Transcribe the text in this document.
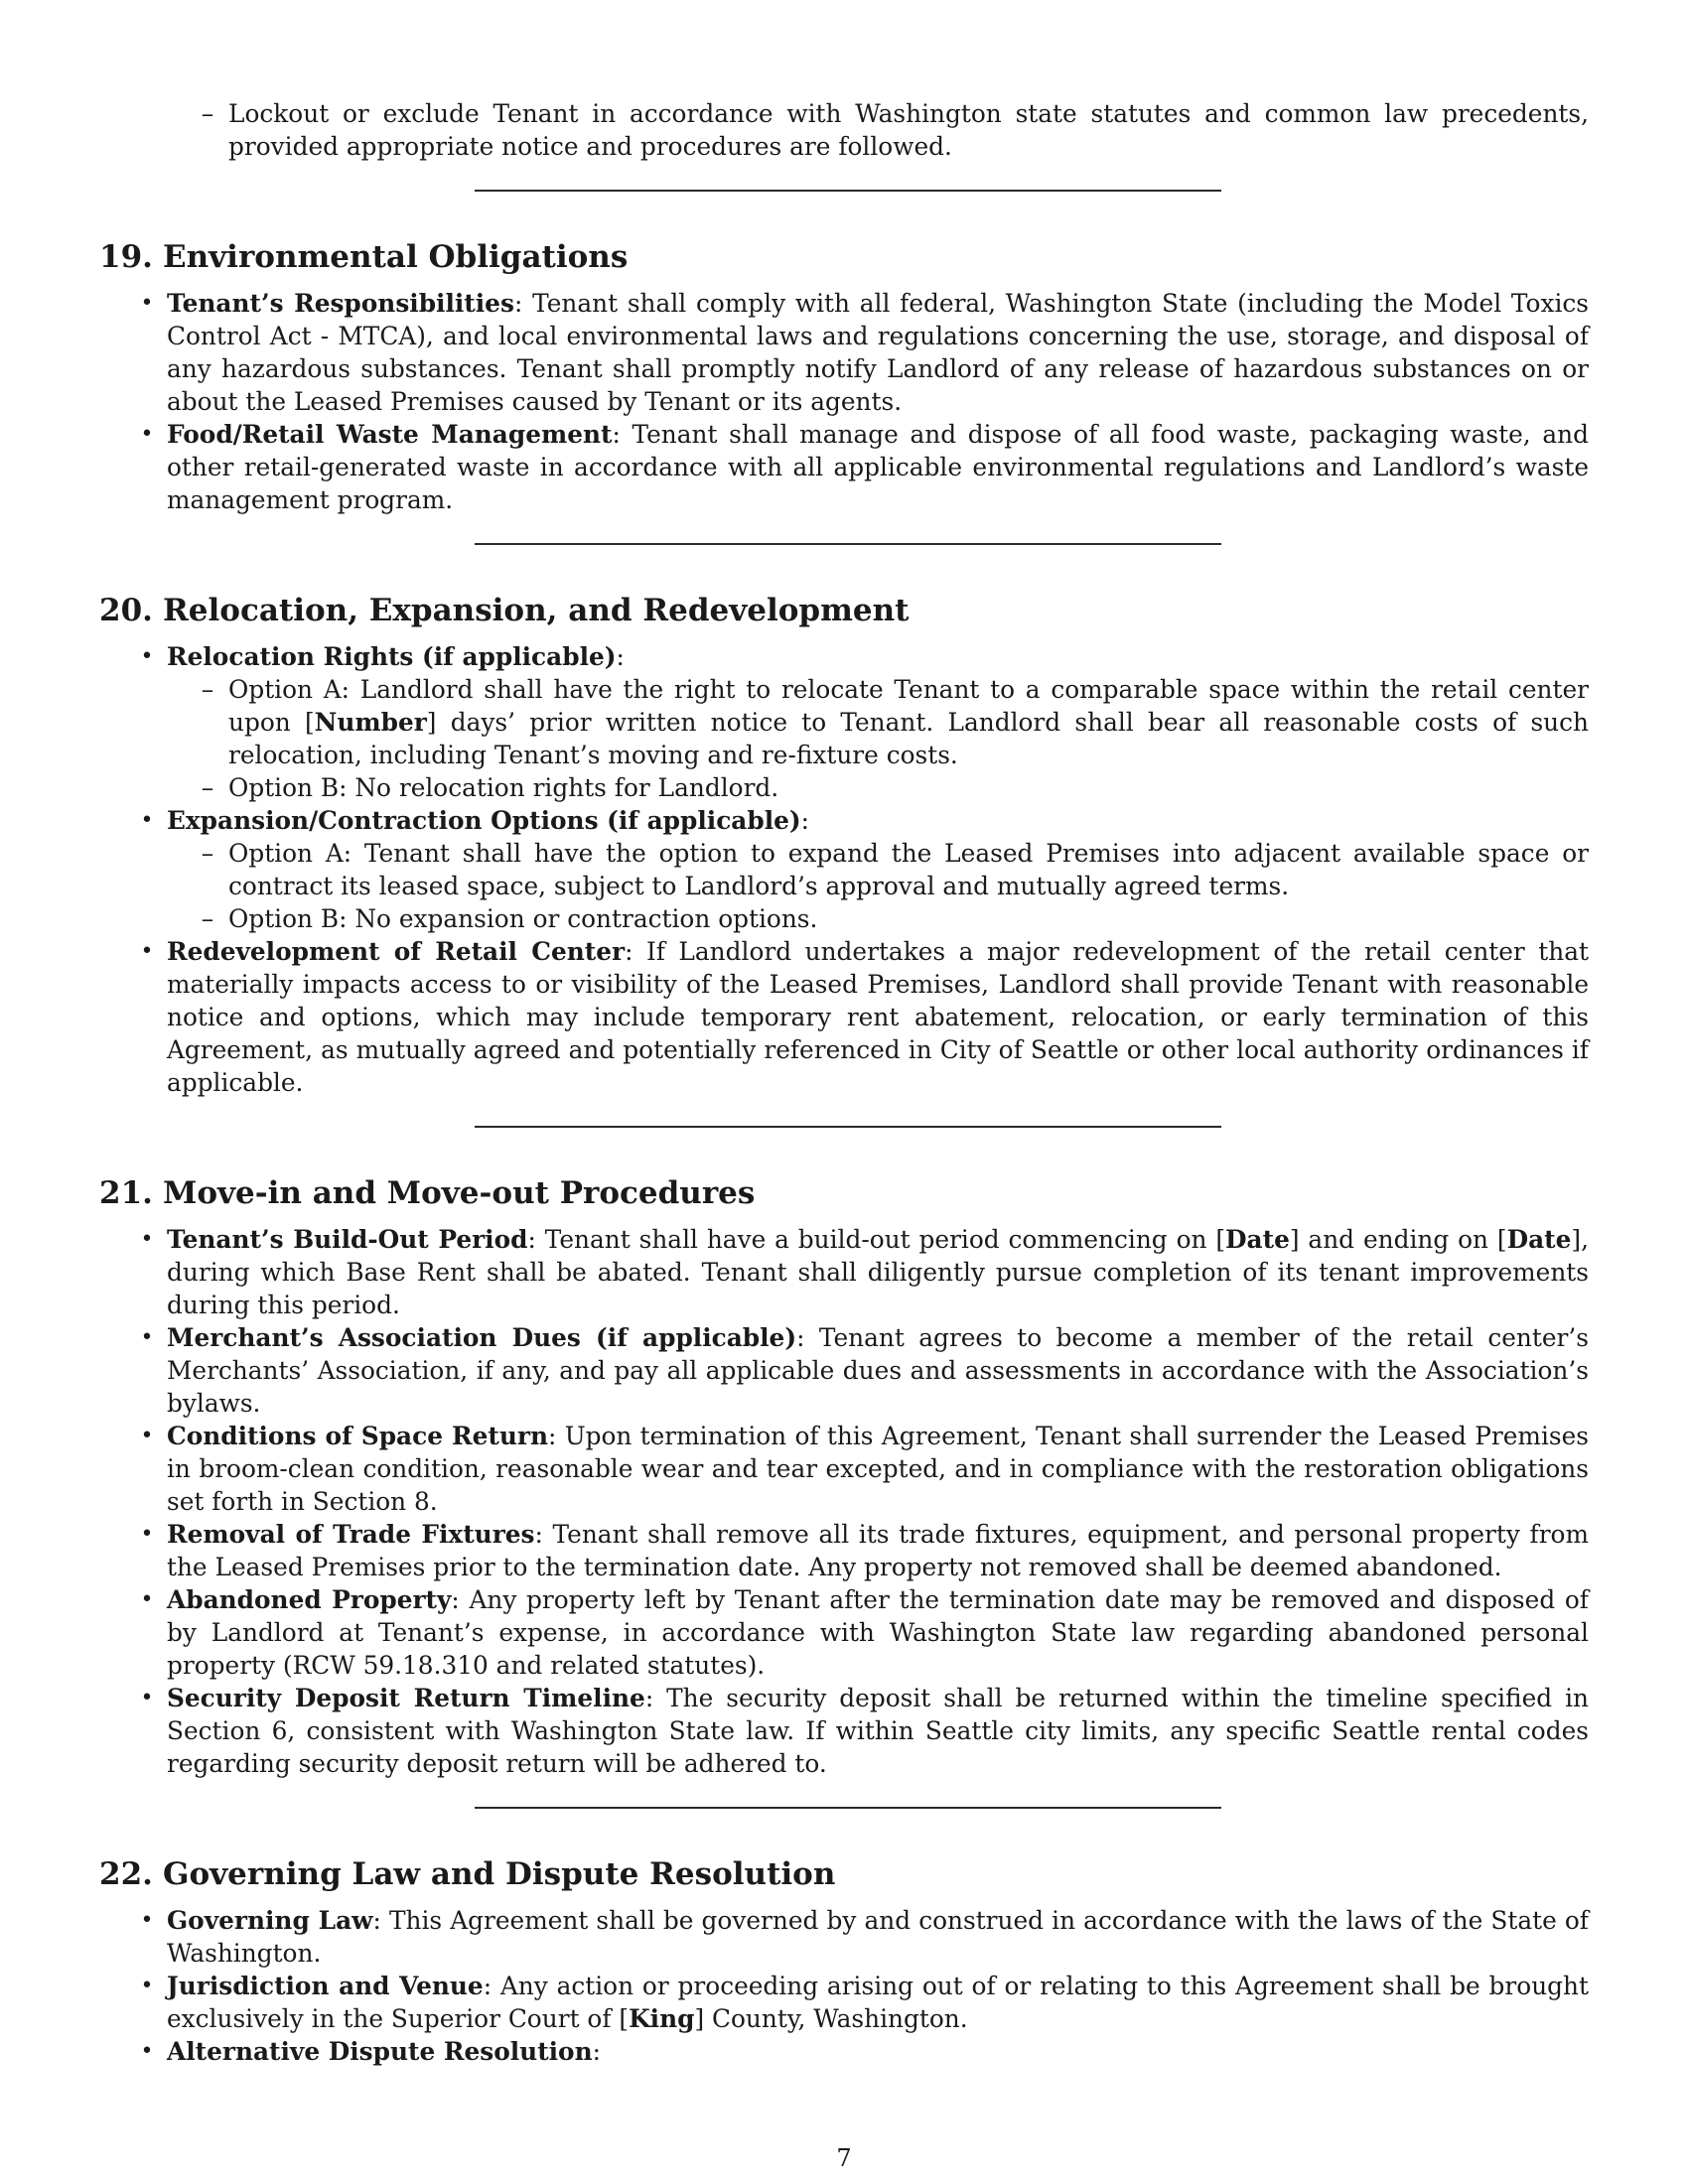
– Lockout or exclude Tenant in accordance with Washington state statutes and common law precedents, provided appropriate notice and procedures are followed.
19. Environmental Obligations
• Tenant’s Responsibilities: Tenant shall comply with all federal, Washington State (including the Model Toxics Control Act - MTCA), and local environmental laws and regulations concerning the use, storage, and disposal of any hazardous substances. Tenant shall promptly notify Landlord of any release of hazardous substances on or about the Leased Premises caused by Tenant or its agents.
• Food/Retail Waste Management: Tenant shall manage and dispose of all food waste, packaging waste, and other retail-generated waste in accordance with all applicable environmental regulations and Landlord’s waste management program.
20. Relocation, Expansion, and Redevelopment
• Relocation Rights (if applicable):
– Option A: Landlord shall have the right to relocate Tenant to a comparable space within the retail center upon [Number] days’ prior written notice to Tenant. Landlord shall bear all reasonable costs of such relocation, including Tenant’s moving and re-fixture costs.
– Option B: No relocation rights for Landlord.
• Expansion/Contraction Options (if applicable):
– Option A: Tenant shall have the option to expand the Leased Premises into adjacent available space or contract its leased space, subject to Landlord’s approval and mutually agreed terms.
– Option B: No expansion or contraction options.
• Redevelopment of Retail Center: If Landlord undertakes a major redevelopment of the retail center that materially impacts access to or visibility of the Leased Premises, Landlord shall provide Tenant with reasonable notice and options, which may include temporary rent abatement, relocation, or early termination of this Agreement, as mutually agreed and potentially referenced in City of Seattle or other local authority ordinances if applicable.
21. Move-in and Move-out Procedures
• Tenant’s Build-Out Period: Tenant shall have a build-out period commencing on [Date] and ending on [Date], during which Base Rent shall be abated. Tenant shall diligently pursue completion of its tenant improvements during this period.
• Merchant’s Association Dues (if applicable): Tenant agrees to become a member of the retail center’s Merchants’ Association, if any, and pay all applicable dues and assessments in accordance with the Association’s bylaws.
• Conditions of Space Return: Upon termination of this Agreement, Tenant shall surrender the Leased Premises in broom-clean condition, reasonable wear and tear excepted, and in compliance with the restoration obligations set forth in Section 8.
• Removal of Trade Fixtures: Tenant shall remove all its trade fixtures, equipment, and personal property from the Leased Premises prior to the termination date. Any property not removed shall be deemed abandoned.
• Abandoned Property: Any property left by Tenant after the termination date may be removed and disposed of by Landlord at Tenant’s expense, in accordance with Washington State law regarding abandoned personal property (RCW 59.18.310 and related statutes).
• Security Deposit Return Timeline: The security deposit shall be returned within the timeline specified in Section 6, consistent with Washington State law. If within Seattle city limits, any specific Seattle rental codes regarding security deposit return will be adhered to.
22. Governing Law and Dispute Resolution
• Governing Law: This Agreement shall be governed by and construed in accordance with the laws of the State of Washington.
• Jurisdiction and Venue: Any action or proceeding arising out of or relating to this Agreement shall be brought exclusively in the Superior Court of [King] County, Washington.
• Alternative Dispute Resolution:
7
